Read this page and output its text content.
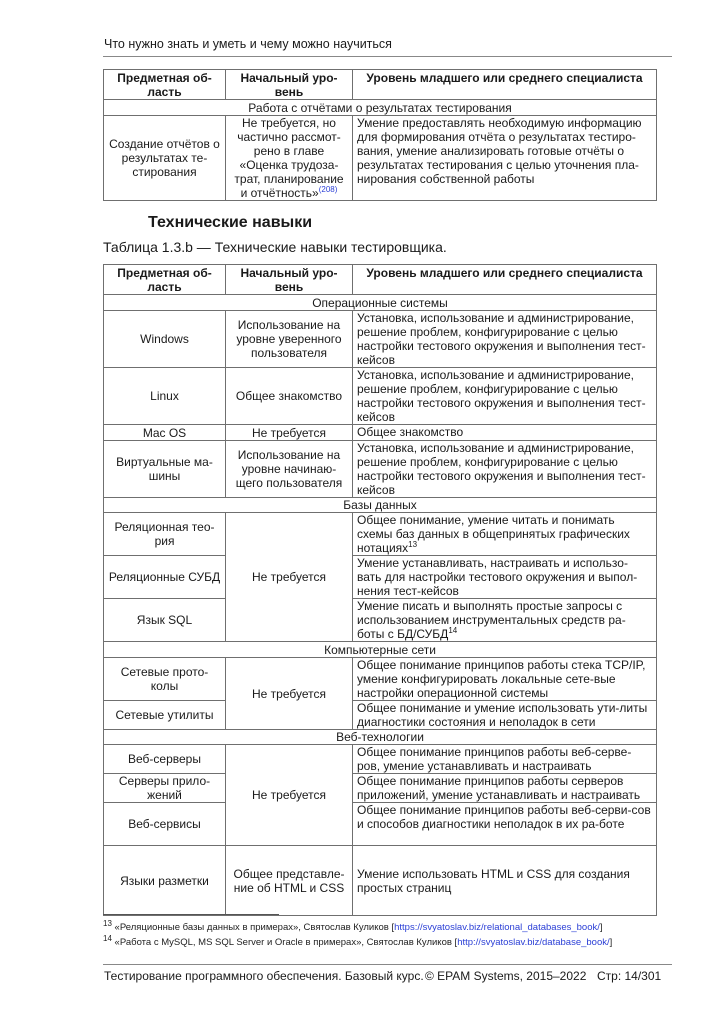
Что нужно знать и уметь и чему можно научиться
Предметная об-ласть	Начальный уро-вень	Уровень младшего или среднего специалиста
Работа с отчётами о результатах тестирования		
Создание отчётов о результатах те-стирования	Не требуется, но частично рассмот-рено в главе «Оценка трудоза-трат, планирование и отчётность»$^{(208)}$	Умение предоставлять необходимую информацию для формирования отчёта о результатах тестиро-вания, умение анализировать готовые отчёты о результатах тестирования с целью уточнения пла-нирования собственной работы
Технические навыки
Таблица 1.3.b — Технические навыки тестировщика.
Предметная об-ласть	Начальный уро-вень	Уровень младшего или среднего специалиста
Операционные системы		
Windows	Использование на уровне уверенного пользователя	Установка, использование и администрирование, решение проблем, конфигурирование с целью настройки тестового окружения и выполнения тест-кейсов
Linux	Общее знакомство	Установка, использование и администрирование, решение проблем, конфигурирование с целью настройки тестового окружения и выполнения тест-кейсов
Mac OS	Не требуется	Общее знакомство
Виртуальные ма-шины	Использование на уровне начинаю-щего пользователя	Установка, использование и администрирование, решение проблем, конфигурирование с целью настройки тестового окружения и выполнения тест-кейсов
Базы данных		
Реляционная тео-рия	Не требуется	Общее понимание, умение читать и понимать схемы баз данных в общепринятых графических нотациях$^{13}$
Реляционные СУБД		Умение устанавливать, настраивать и использо-вать для настройки тестового окружения и выпол-нения тест-кейсов
Язык SQL		Умение писать и выполнять простые запросы с использованием инструментальных средств ра-боты с БД/СУБД$^{14}$
Компьютерные сети		
Сетевые прото-колы	Не требуется	Общее понимание принципов работы стека TCP/IP, умение конфигурировать локальные сете-вые настройки операционной системы
Сетевые утилиты		Общее понимание и умение использовать ути-литы диагностики состояния и неполадок в сети
Веб-технологии		
Веб-серверы	Не требуется	Общее понимание принципов работы веб-серве-ров, умение устанавливать и настраивать
Серверы прило-жений		Общее понимание принципов работы серверов приложений, умение устанавливать и настраивать
Веб-сервисы		Общее понимание принципов работы веб-серви-сов и способов диагностики неполадок в их ра-боте
Языки разметки	Общее представле-ние об HTML и CSS	Умение использовать HTML и CSS для создания простых страниц
$^{13}$ «Реляционные базы данных в примерах», Святослав Куликов [https://svyatoslav.biz/relational_databases_book/]
$^{14}$ «Работа с MySQL, MS SQL Server и Oracle в примерах», Святослав Куликов [http://svyatoslav.biz/database_book/]
Тестирование программного обеспечения. Базовый курс. © EPAM Systems, 2015–2022 Стр: 14/301
